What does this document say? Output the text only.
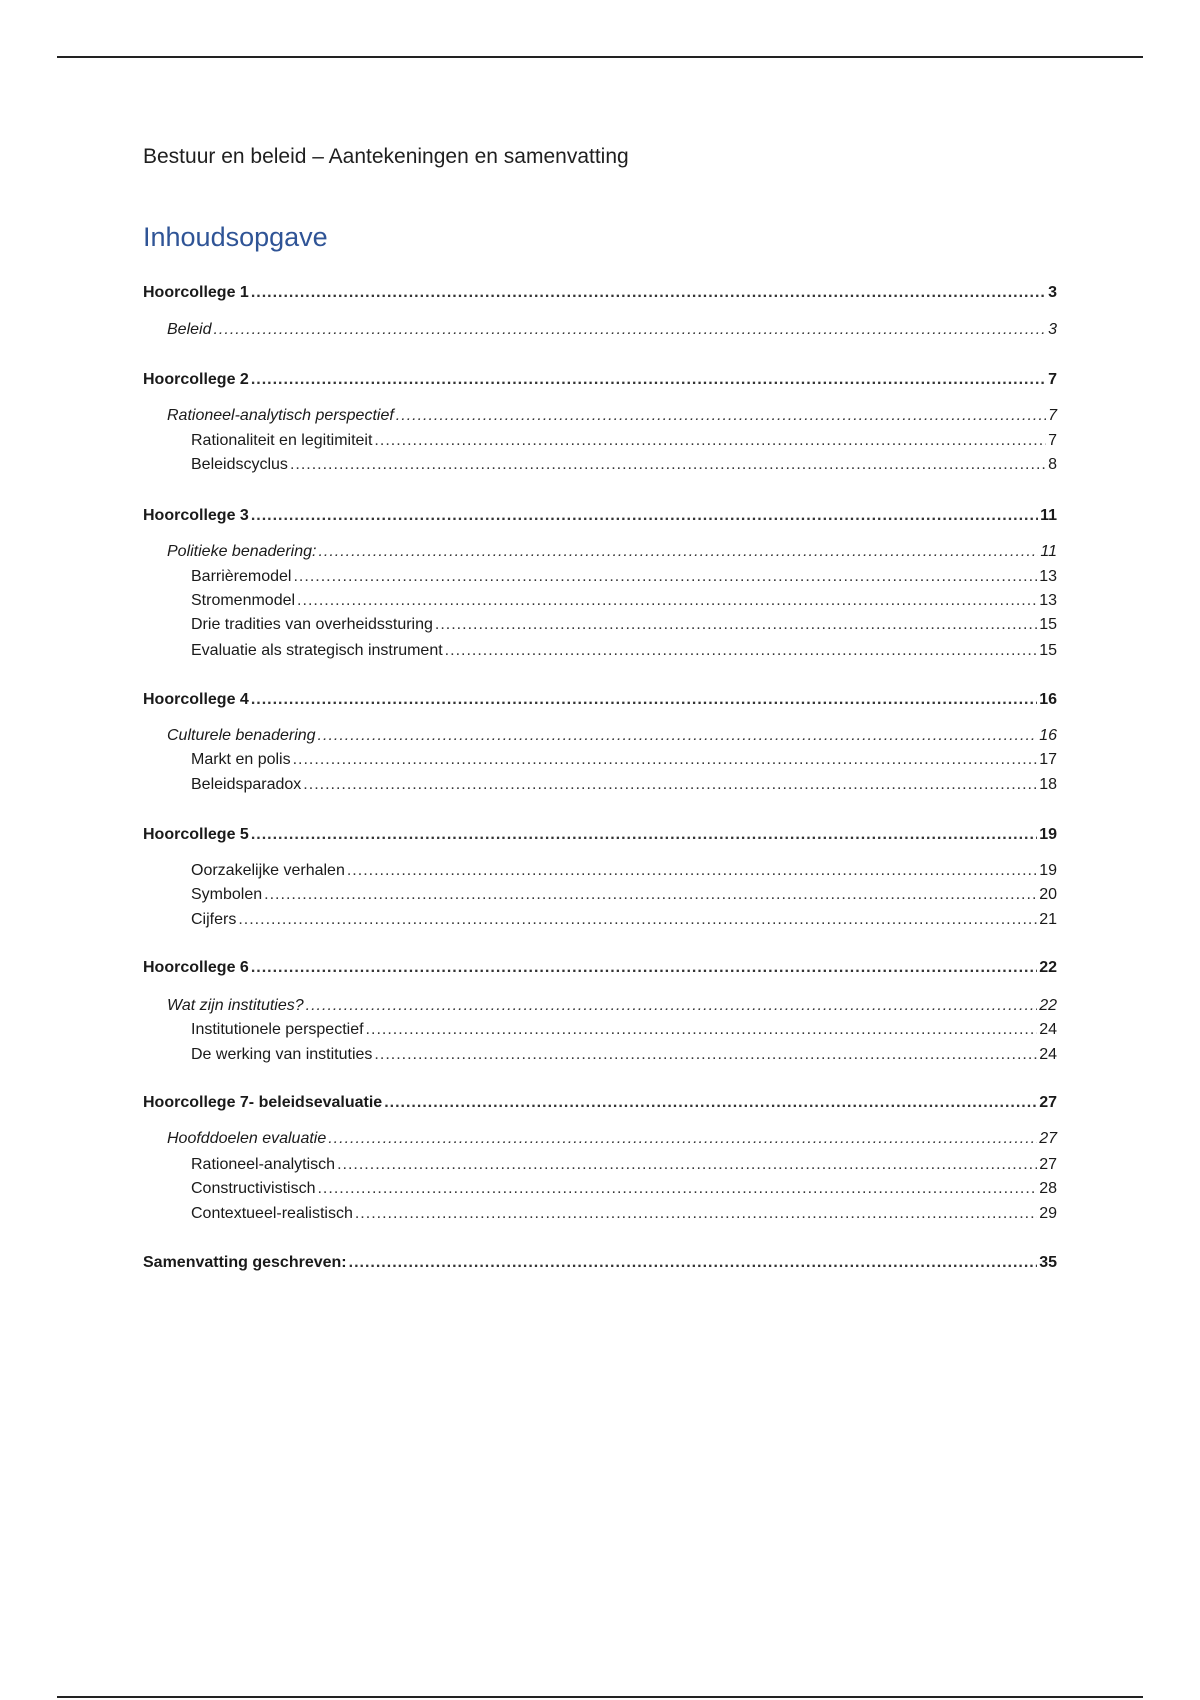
Bestuur en beleid – Aantekeningen en samenvatting
Inhoudsopgave
Hoorcollege 1 .....	3
Beleid .....	3
Hoorcollege 2 .....	7
Rationeel-analytisch perspectief .....	7
Rationaliteit en legitimiteit .....	7
Beleidscyclus .....	8
Hoorcollege 3 .....	11
Politieke benadering: .....	11
Barrièremodel .....	13
Stromenmodel .....	13
Drie tradities van overheidssturing .....	15
Evaluatie als strategisch instrument .....	15
Hoorcollege 4 .....	16
Culturele benadering .....	16
Markt en polis .....	17
Beleidsparadox .....	18
Hoorcollege 5 .....	19
Oorzakelijke verhalen .....	19
Symbolen .....	20
Cijfers .....	21
Hoorcollege 6 .....	22
Wat zijn instituties? .....	22
Institutionele perspectief .....	24
De werking van instituties .....	24
Hoorcollege 7- beleidsevaluatie .....	27
Hoofddoelen evaluatie .....	27
Rationeel-analytisch .....	27
Constructivistisch .....	28
Contextueel-realistisch .....	29
Samenvatting geschreven: .....	35
